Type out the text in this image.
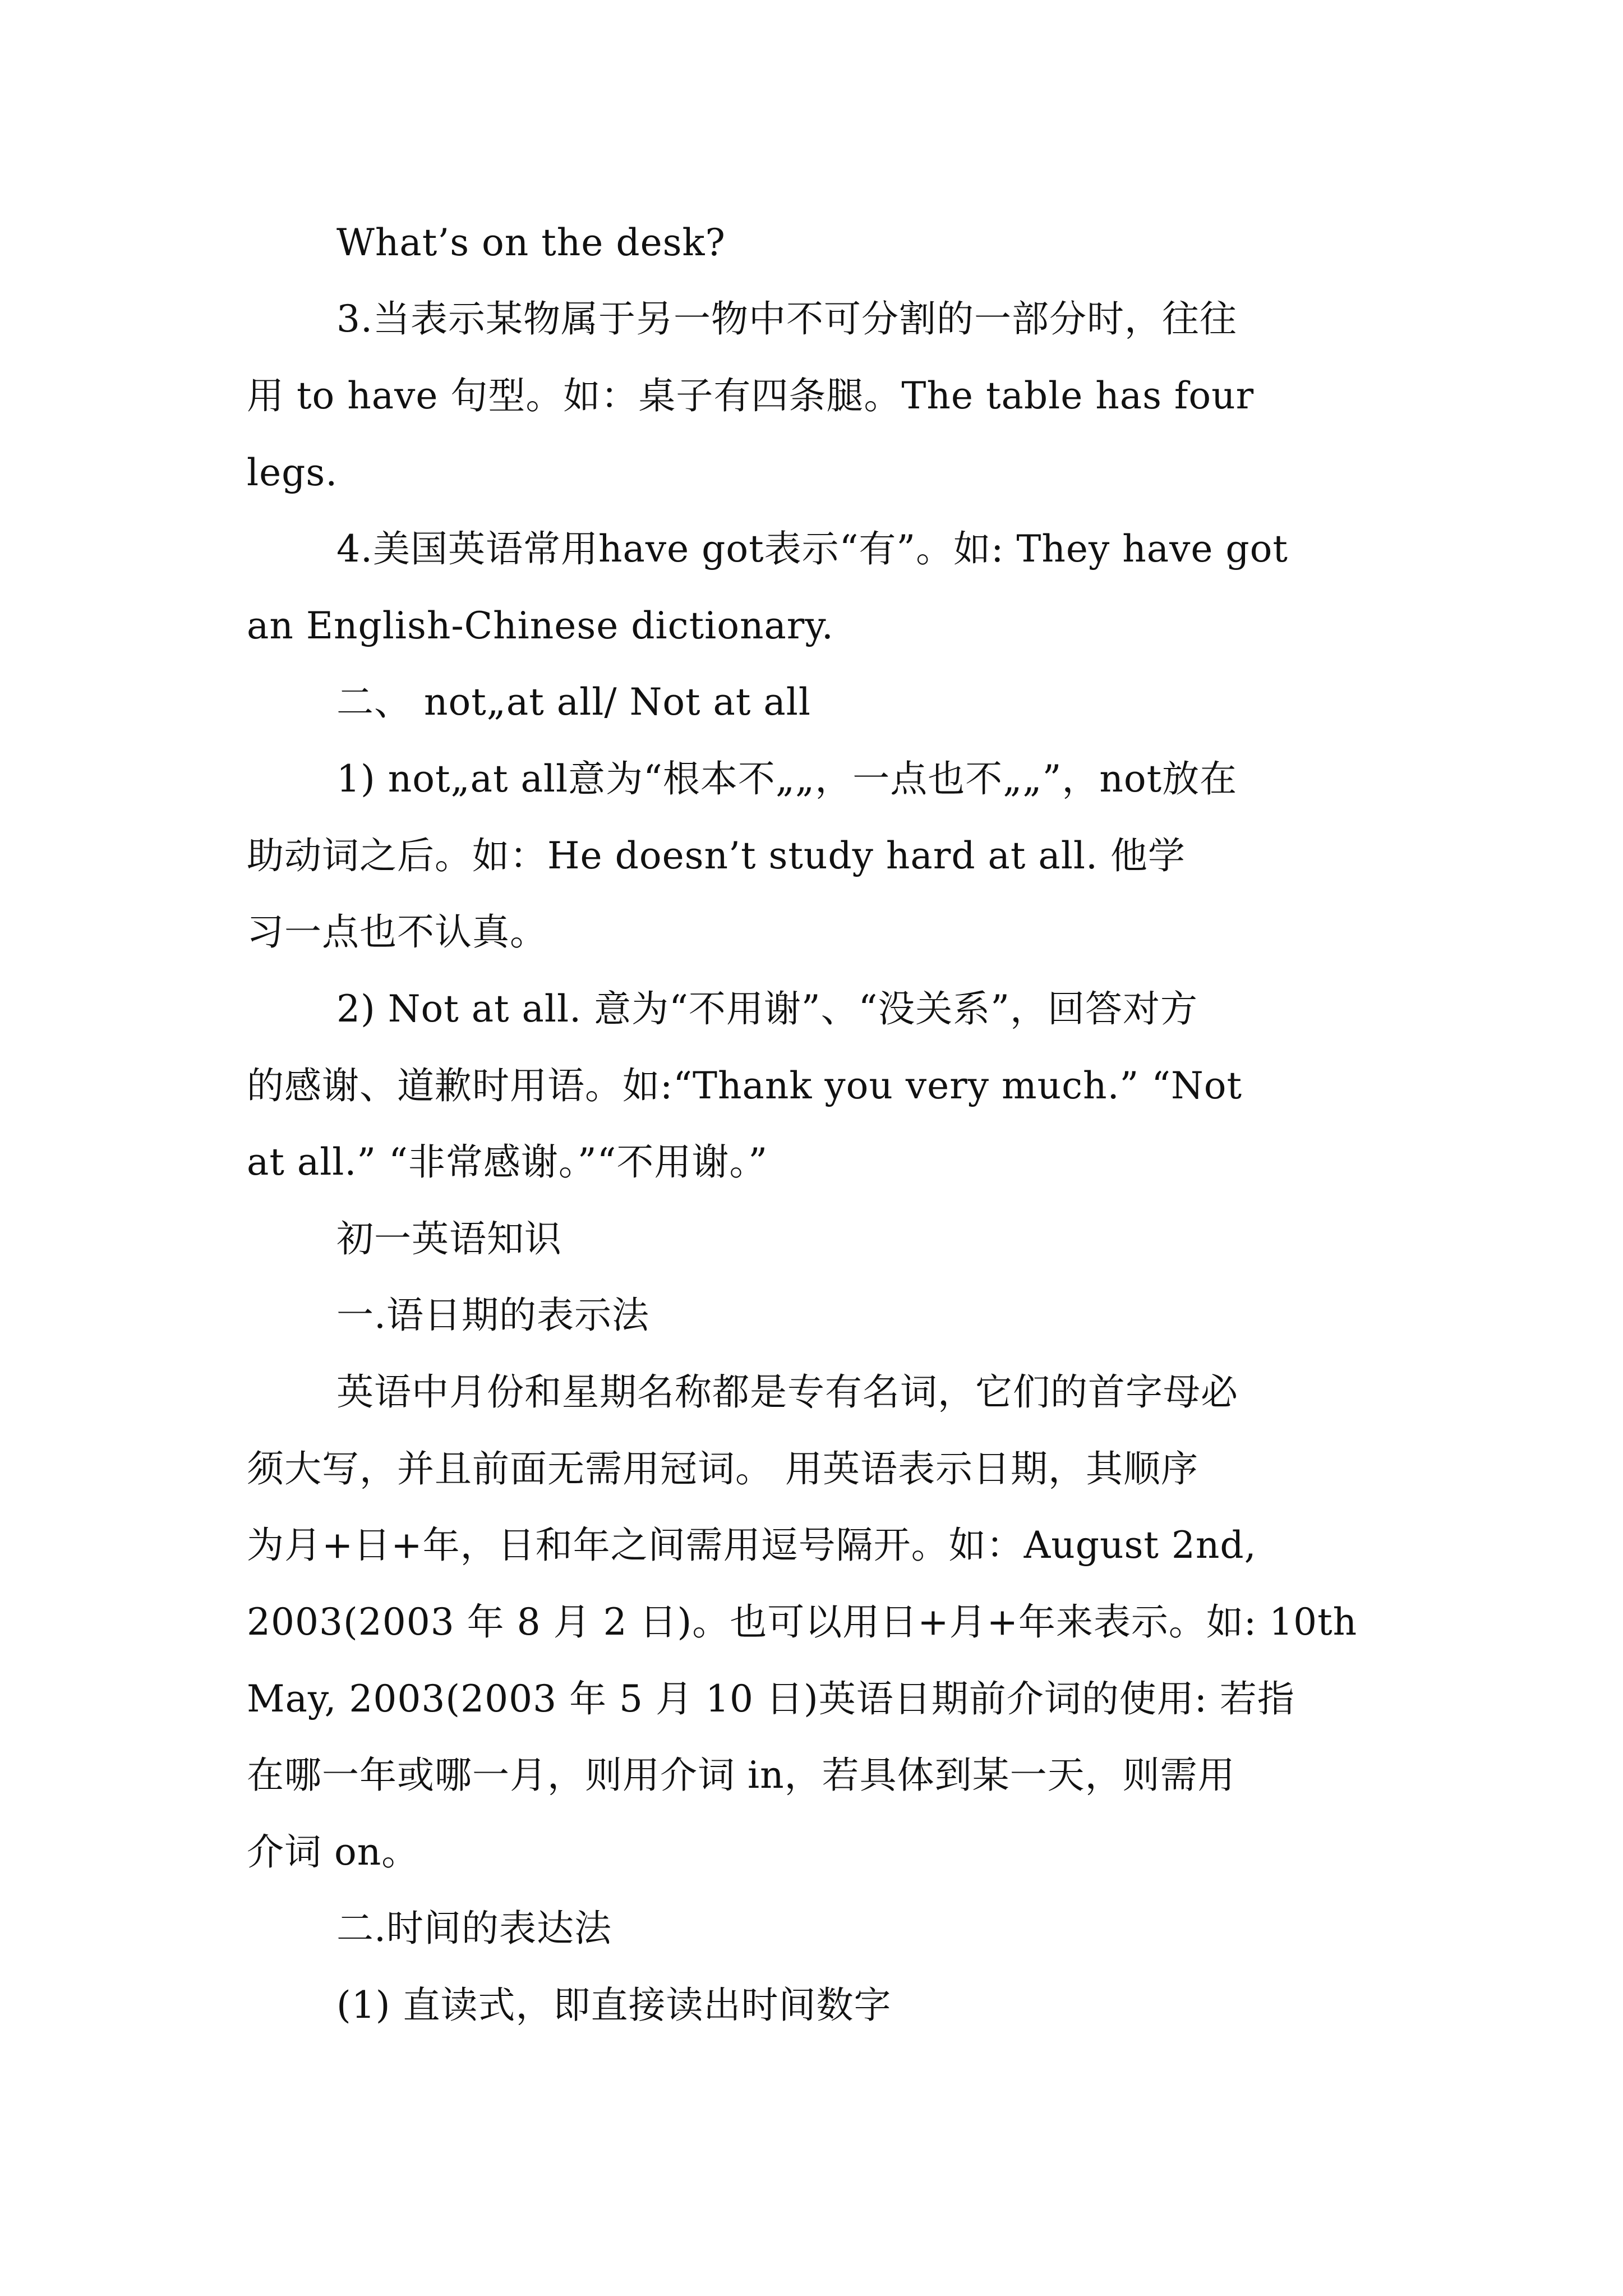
What’s on the desk?
3.当表示某物属于另一物中不可分割的一部分时，往往
用 to have 句型。如：桌子有四条腿。The table has four
legs.
4.美国英语常用have got表示“有”。如: They have got
an English-Chinese dictionary.
二、 not„at all/ Not at all
1) not„at all意为“根本不„„，一点也不„„”，not放在
助动词之后。如：He doesn’t study hard at all. 他学
习一点也不认真。
2) Not at all. 意为“不用谢”、“没关系”，回答对方
的感谢、道歉时用语。如:“Thank you very much.” “Not
at all.” “非常感谢。”“不用谢。”
初一英语知识
一.语日期的表示法
英语中月份和星期名称都是专有名词，它们的首字母必
须大写，并且前面无需用冠词。 用英语表示日期，其顺序
为月+日+年，日和年之间需用逗号隔开。如：August 2nd,
2003(2003 年 8 月 2 日)。也可以用日+月+年来表示。如: 10th
May, 2003(2003 年 5 月 10 日)英语日期前介词的使用: 若指
在哪一年或哪一月，则用介词 in，若具体到某一天，则需用
介词 on。
二.时间的表达法
(1) 直读式，即直接读出时间数字
